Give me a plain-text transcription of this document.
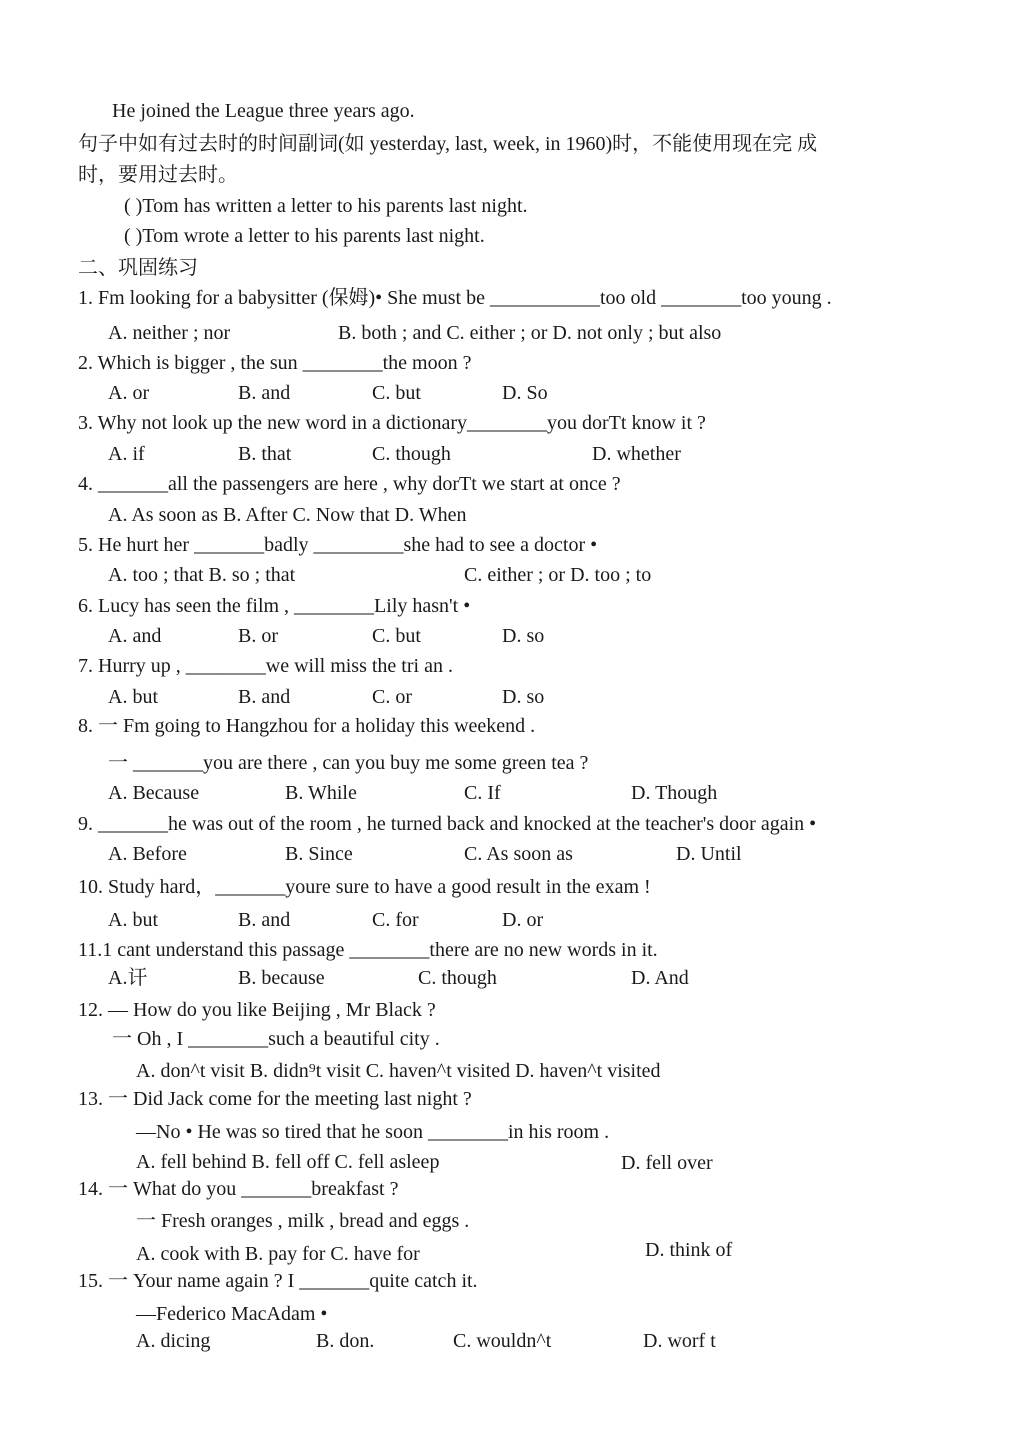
He joined the League three years ago.
句子中如有过去时的时间副词(如 yesterday, last, week, in 1960)时，不能使用现在完 成
时，要用过去时。
( )Tom has written a letter to his parents last night.
( )Tom wrote a letter to his parents last night.
二、巩固练习
1. Fm looking for a babysitter (保姆)• She must be ___________too old ________too young .
A. neither ; nor	B. both ; and C. either ; or D. not only ; but also
2. Which is bigger , the sun ________the moon ?
A. or	B. and	C. but	D. So
3. Why not look up the new word in a dictionary________you dorTt know it ?
A. if	B. that	C. though	D. whether
4. _______all the passengers are here , why dorTt we start at once ?
A. As soon as B. After C. Now that D. When
5. He hurt her _______badly _________she had to see a doctor •
A. too ; that B. so ; that	C. either ; or D. too ; to
6. Lucy has seen the film , ________Lily hasn't •
A. and	B. or	C. but	D. so
7. Hurry up , ________we will miss the tri an .
A. but	B. and	C. or	D. so
8. 一 Fm going to Hangzhou for a holiday this weekend .
一 _______you are there , can you buy me some green tea ?
A. Because	B. While	C. If	D. Though
9. _______he was out of the room , he turned back and knocked at the teacher's door again •
A. Before	B. Since	C. As soon as	D. Until
10. Study hard，_______youre sure to have a good result in the exam !
A. but	B. and	C. for	D. or
11.1 cant understand this passage ________there are no new words in it.
A.讦	B. because	C. though	D. And
12. — How do you like Beijing , Mr Black ?
一 Oh , I ________such a beautiful city .
A. don^t visit B. didn⁹t visit C. haven^t visited D. haven^t visited
13. 一 Did Jack come for the meeting last night ?
—No • He was so tired that he soon ________in his room .
A. fell behind B. fell off C. fell asleep	D. fell over
14. 一 What do you _______breakfast ?
一 Fresh oranges , milk , bread and eggs .
A. cook with B. pay for C. have for	D. think of
15. 一 Your name again ? I _______quite catch it.
—Federico MacAdam •
A. dicing	B. don.	C. wouldn^t	D. worf t
